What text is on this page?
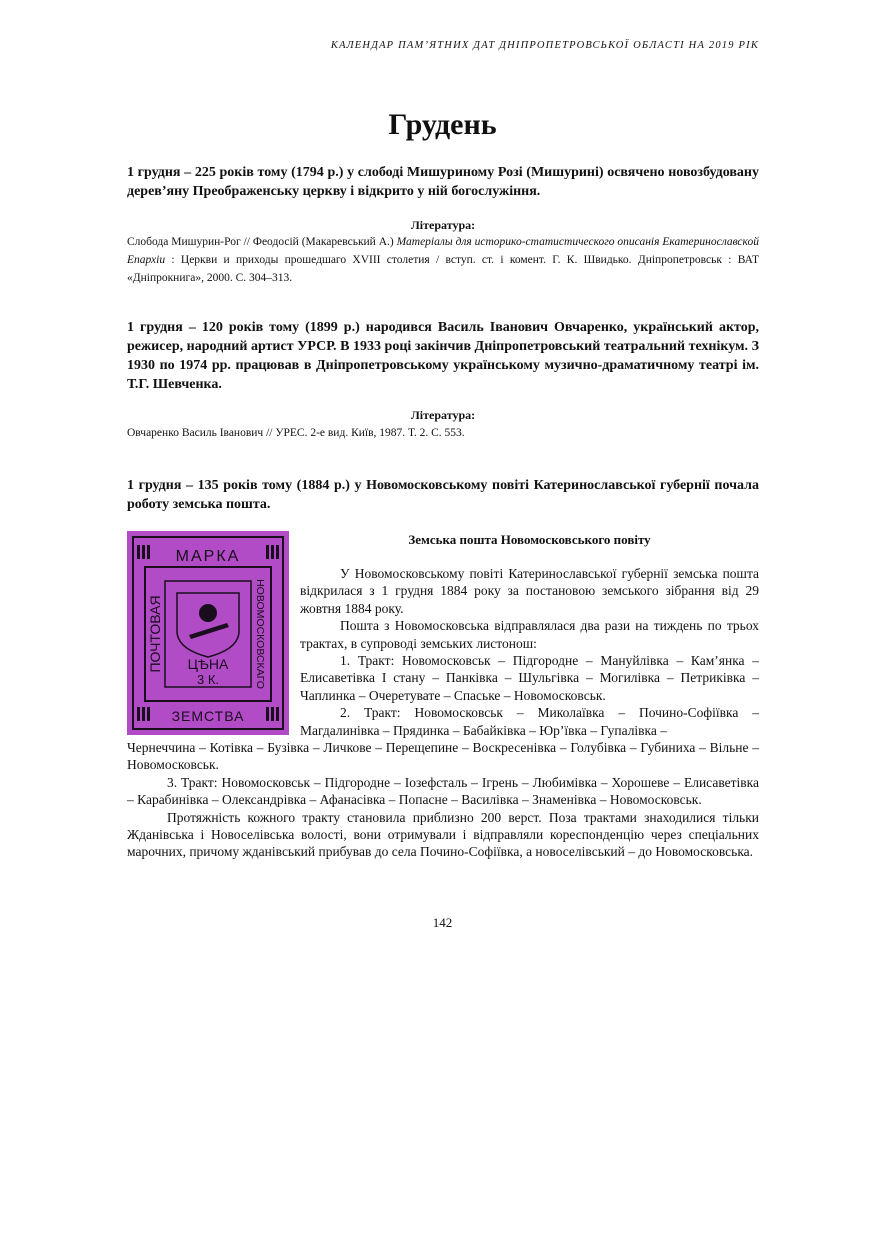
КАЛЕНДАР ПАМ’ЯТНИХ ДАТ ДНІПРОПЕТРОВСЬКОЇ ОБЛАСТІ НА 2019 РІК
Грудень
1 грудня – 225 років тому (1794 р.) у слободі Мишуриному Розі (Мишурині) освячено новозбудовану дерев’яну Преображенську церкву і відкрито у ній богослужіння.
Література:
Слобода Мишурин-Рог // Феодосій (Макаревський А.) Матеріалы для историко-статистического описанія Екатеринославской Епархіи : Церкви и приходы прошедшаго XVIII столетия / вступ. ст. і комент. Г. К. Швидько. Дніпропетровськ : ВАТ «Дніпрокнига», 2000. С. 304–313.
1 грудня – 120 років тому (1899 р.) народився Василь Іванович Овчаренко, український актор, режисер, народний артист УРСР. В 1933 році закінчив Дніпропетровський театральний технікум. З 1930 по 1974 рр. працював в Дніпропетровському українському музично-драматичному театрі ім. Т.Г. Шевченка.
Література:
Овчаренко Василь Іванович // УРЕС. 2-е вид. Київ, 1987. Т. 2. С. 553.
1 грудня – 135 років тому (1884 р.) у Новомосковському повіті Катеринославської губернії почала роботу земська пошта.
МАРКА
ЗЕМСТВА
ПОЧТОВАЯ	НОВОМОСКОВСКАГО
ЦѢНА
3 К.
Земська пошта Новомосковського повіту

У Новомосковському повіті Катеринославської губернії земська пошта відкрилася з 1 грудня 1884 року за постановою земського зібрання від 29 жовтня 1884 року.

Пошта з Новомосковська відправлялася два рази на тиждень по трьох трактах, в супроводі земських листонош:

1. Тракт: Новомосковськ – Підгородне – Мануйлівка – Кам’янка – Елисаветівка І стану – Панківка – Шульгівка – Могилівка – Петриківка – Чаплинка – Очеретувате – Спаське – Новомосковськ.

2. Тракт: Новомосковськ – Миколаївка – Почино-Софіївка – Магдалинівка – Прядинка – Бабайківка – Юр’ївка – Гупалівка –

Чернеччина – Котівка – Бузівка – Личкове – Перещепине – Воскресенівка – Голубівка – Губиниха – Вільне – Новомосковськ.

3. Тракт: Новомосковськ – Підгородне – Іозефсталь – Ігрень – Любимівка – Хорошеве – Елисаветівка – Карабинівка – Олександрівка – Афанасівка – Попасне – Василівка – Знаменівка – Новомосковськ.

Протяжність кожного тракту становила приблизно 200 верст. Поза трактами знаходилися тільки Жданівська і Новоселівська волості, вони отримували і відправляли кореспонденцію через спеціальних марочних, причому жданівський прибував до села Почино-Софіївка, а новоселівський – до Новомосковська.

142
